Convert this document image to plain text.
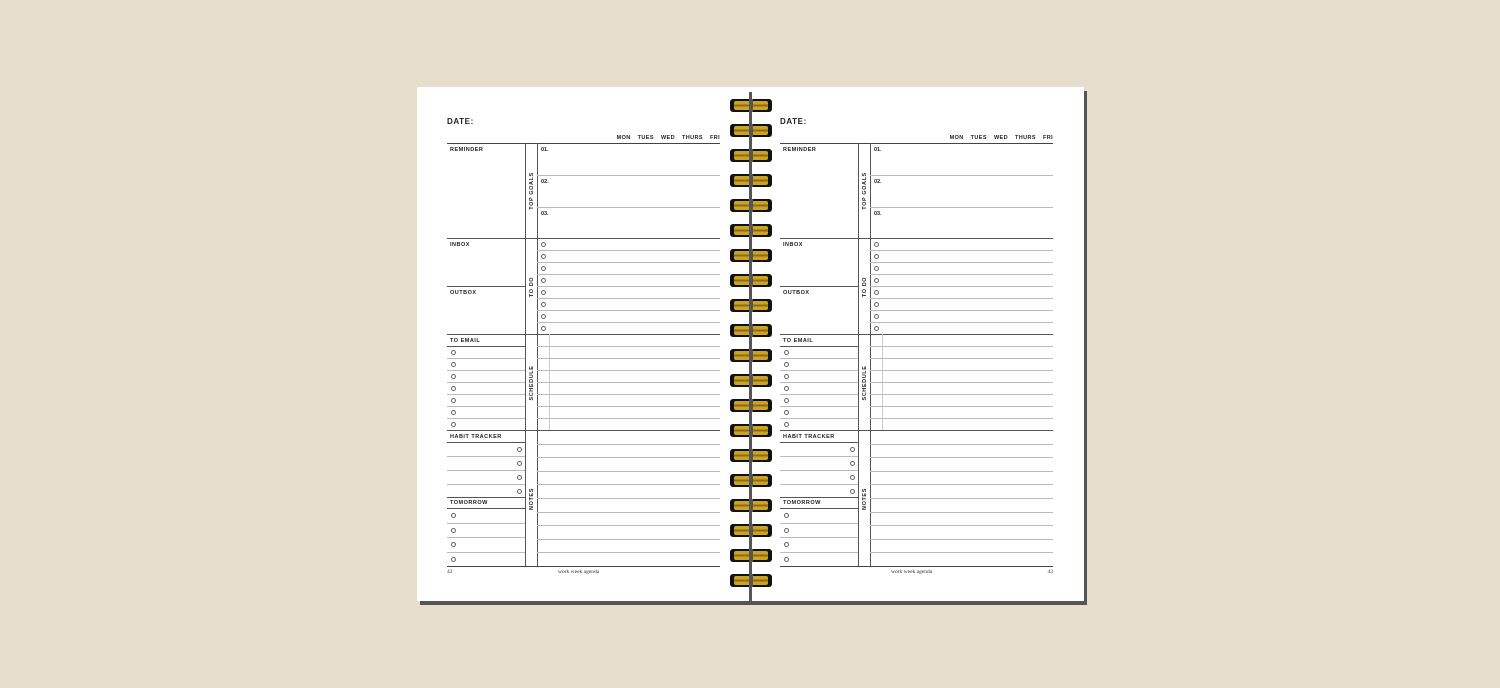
DATE:
MON TUES WED THURS FRI
REMINDER
INBOX
OUTBOX
TO EMAIL
HABIT TRACKER
TOMORROW
TOP GOALS
TO DO
SCHEDULE
NOTES
01.
02.
03.
42	work week agenda
DATE:
MON TUES WED THURS FRI
REMINDER
INBOX
OUTBOX
TO EMAIL
HABIT TRACKER
TOMORROW
TOP GOALS
TO DO
SCHEDULE
NOTES
01.
02.
03.
43
work week agenda
